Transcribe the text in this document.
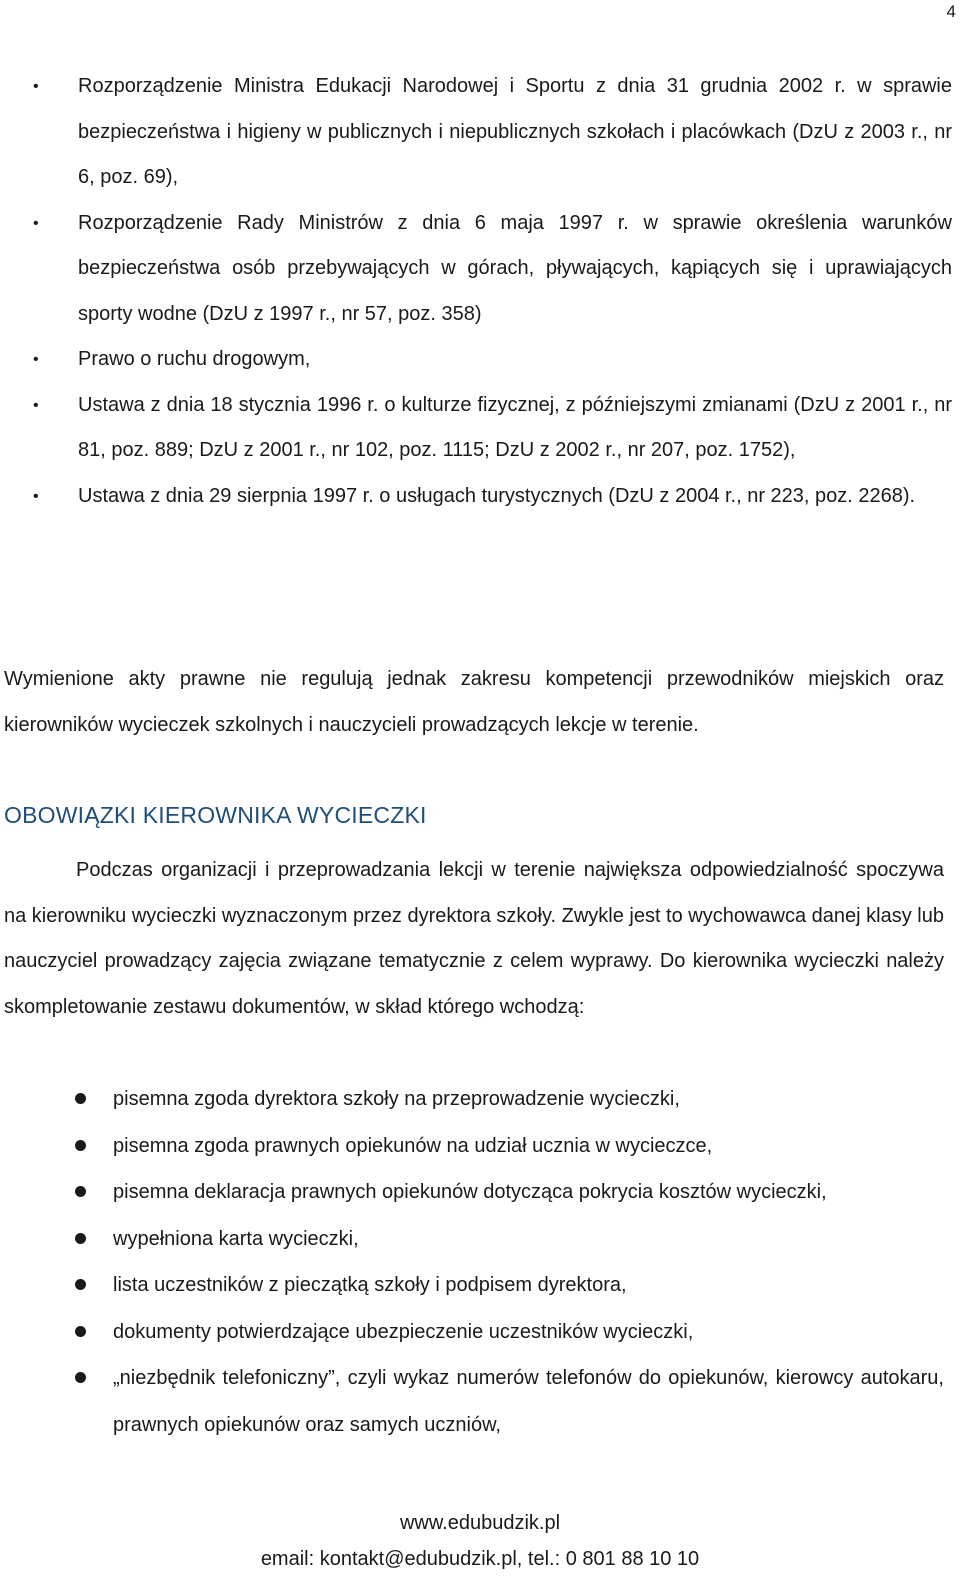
4
• Rozporządzenie Ministra Edukacji Narodowej i Sportu z dnia 31 grudnia 2002 r. w sprawie bezpieczeństwa i higieny w publicznych i niepublicznych szkołach i placówkach (DzU z 2003 r., nr 6, poz. 69),
• Rozporządzenie Rady Ministrów z dnia 6 maja 1997 r. w sprawie określenia warunków bezpieczeństwa osób przebywających w górach, pływających, kąpiących się i uprawiających sporty wodne (DzU z 1997 r., nr 57, poz. 358)
• Prawo o ruchu drogowym,
• Ustawa z dnia 18 stycznia 1996 r. o kulturze fizycznej, z późniejszymi zmianami (DzU z 2001 r., nr 81, poz. 889; DzU z 2001 r., nr 102, poz. 1115; DzU z 2002 r., nr 207, poz. 1752),
• Ustawa z dnia 29 sierpnia 1997 r. o usługach turystycznych (DzU z 2004 r., nr 223, poz. 2268).

Wymienione akty prawne nie regulują jednak zakresu kompetencji przewodników miejskich oraz kierowników wycieczek szkolnych i nauczycieli prowadzących lekcje w terenie.

OBOWIĄZKI KIEROWNIKA WYCIECZKI

Podczas organizacji i przeprowadzania lekcji w terenie największa odpowiedzialność spoczywa na kierowniku wycieczki wyznaczonym przez dyrektora szkoły. Zwykle jest to wychowawca danej klasy lub nauczyciel prowadzący zajęcia związane tematycznie z celem wyprawy. Do kierownika wycieczki należy skompletowanie zestawu dokumentów, w skład którego wchodzą:

pisemna zgoda dyrektora szkoły na przeprowadzenie wycieczki,
pisemna zgoda prawnych opiekunów na udział ucznia w wycieczce,
pisemna deklaracja prawnych opiekunów dotycząca pokrycia kosztów wycieczki,
wypełniona karta wycieczki,
lista uczestników z pieczątką szkoły i podpisem dyrektora,
dokumenty potwierdzające ubezpieczenie uczestników wycieczki,
„niezbędnik telefoniczny”, czyli wykaz numerów telefonów do opiekunów, kierowcy autokaru, prawnych opiekunów oraz samych uczniów,

www.edubudzik.pl

email: kontakt@edubudzik.pl, tel.: 0 801 88 10 10
